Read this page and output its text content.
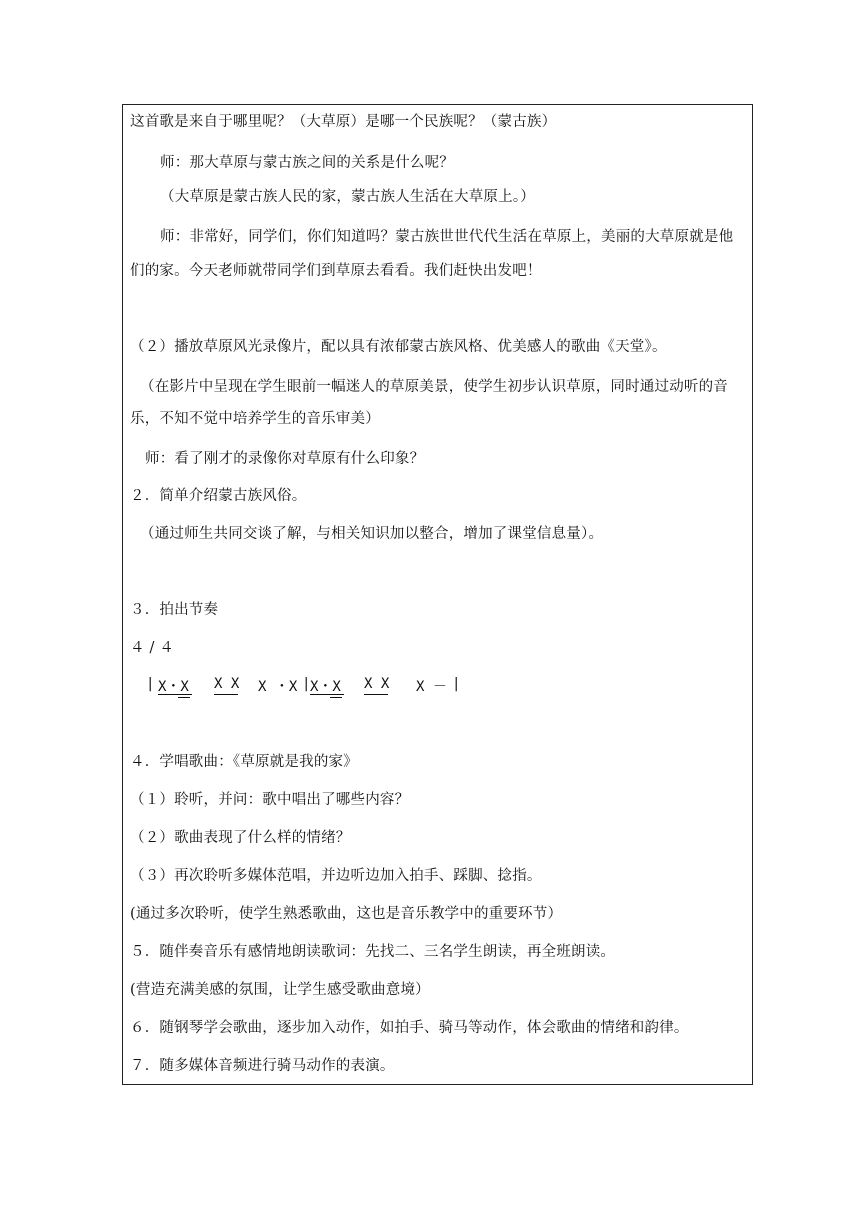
这首歌是来自于哪里呢？（大草原）是哪一个民族呢？（蒙古族）
师：那大草原与蒙古族之间的关系是什么呢？
（大草原是蒙古族人民的家，蒙古族人生活在大草原上。）
师：非常好，同学们，你们知道吗？蒙古族世世代代生活在草原上，美丽的大草原就是他
们的家。今天老师就带同学们到草原去看看。我们赶快出发吧！
（２）播放草原风光录像片，配以具有浓郁蒙古族风格、优美感人的歌曲《天堂》。
（在影片中呈现在学生眼前一幅迷人的草原美景，使学生初步认识草原，同时通过动听的音
乐，不知不觉中培养学生的音乐审美）
师：看了刚才的录像你对草原有什么印象？
２．简单介绍蒙古族风俗。
（通过师生共同交谈了解，与相关知识加以整合，增加了课堂信息量）。
３．拍出节奏
４ / ４
| X・X X X X ・X | X・X X X X － |
４．学唱歌曲：《草原就是我的家》
（１）聆听，并问：歌中唱出了哪些内容？
（２）歌曲表现了什么样的情绪？
（３）再次聆听多媒体范唱，并边听边加入拍手、踩脚、捻指。
(通过多次聆听，使学生熟悉歌曲，这也是音乐教学中的重要环节）
５．随伴奏音乐有感情地朗读歌词：先找二、三名学生朗读，再全班朗读。
(营造充满美感的氛围，让学生感受歌曲意境）
６．随钢琴学会歌曲，逐步加入动作，如拍手、骑马等动作，体会歌曲的情绪和韵律。
７．随多媒体音频进行骑马动作的表演。
